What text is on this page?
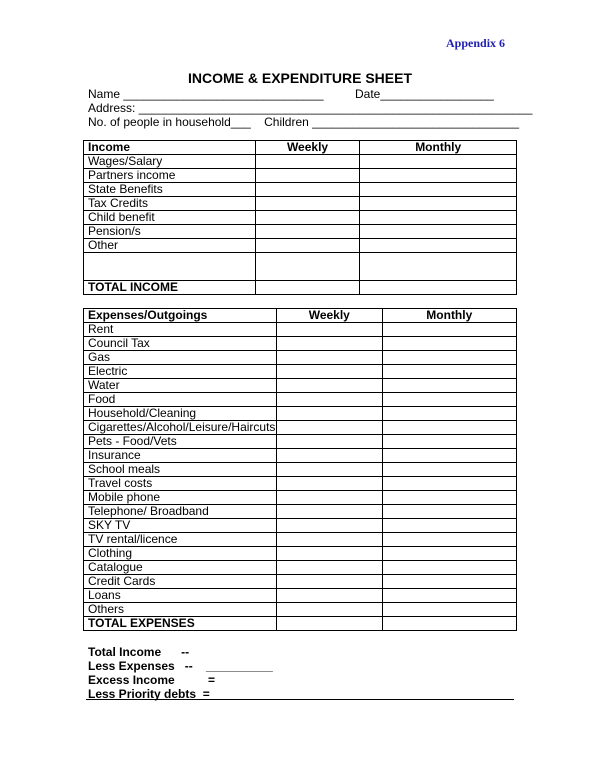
Appendix 6
INCOME & EXPENDITURE SHEET
Name ______________________________	Date_________________
Address: ___________________________________________________________
No. of people in household___    Children _______________________________
Income	Weekly	Monthly
Wages/Salary		
Partners income		
State Benefits		
Tax Credits		
Child benefit		
Pension/s		
Other		

TOTAL INCOME		
Expenses/Outgoings	Weekly	Monthly
Rent		
Council Tax		
Gas		
Electric		
Water		
Food		
Household/Cleaning		
Cigarettes/Alcohol/Leisure/Haircuts		
Pets - Food/Vets		
Insurance		
School meals		
Travel costs		
Mobile phone		
Telephone/ Broadband		
SKY TV		
TV rental/licence		
Clothing		
Catalogue		
Credit Cards		
Loans		
Others		
TOTAL EXPENSES		
Total Income      --
Less Expenses   --    __________
Excess Income          =
Less Priority debts  =
